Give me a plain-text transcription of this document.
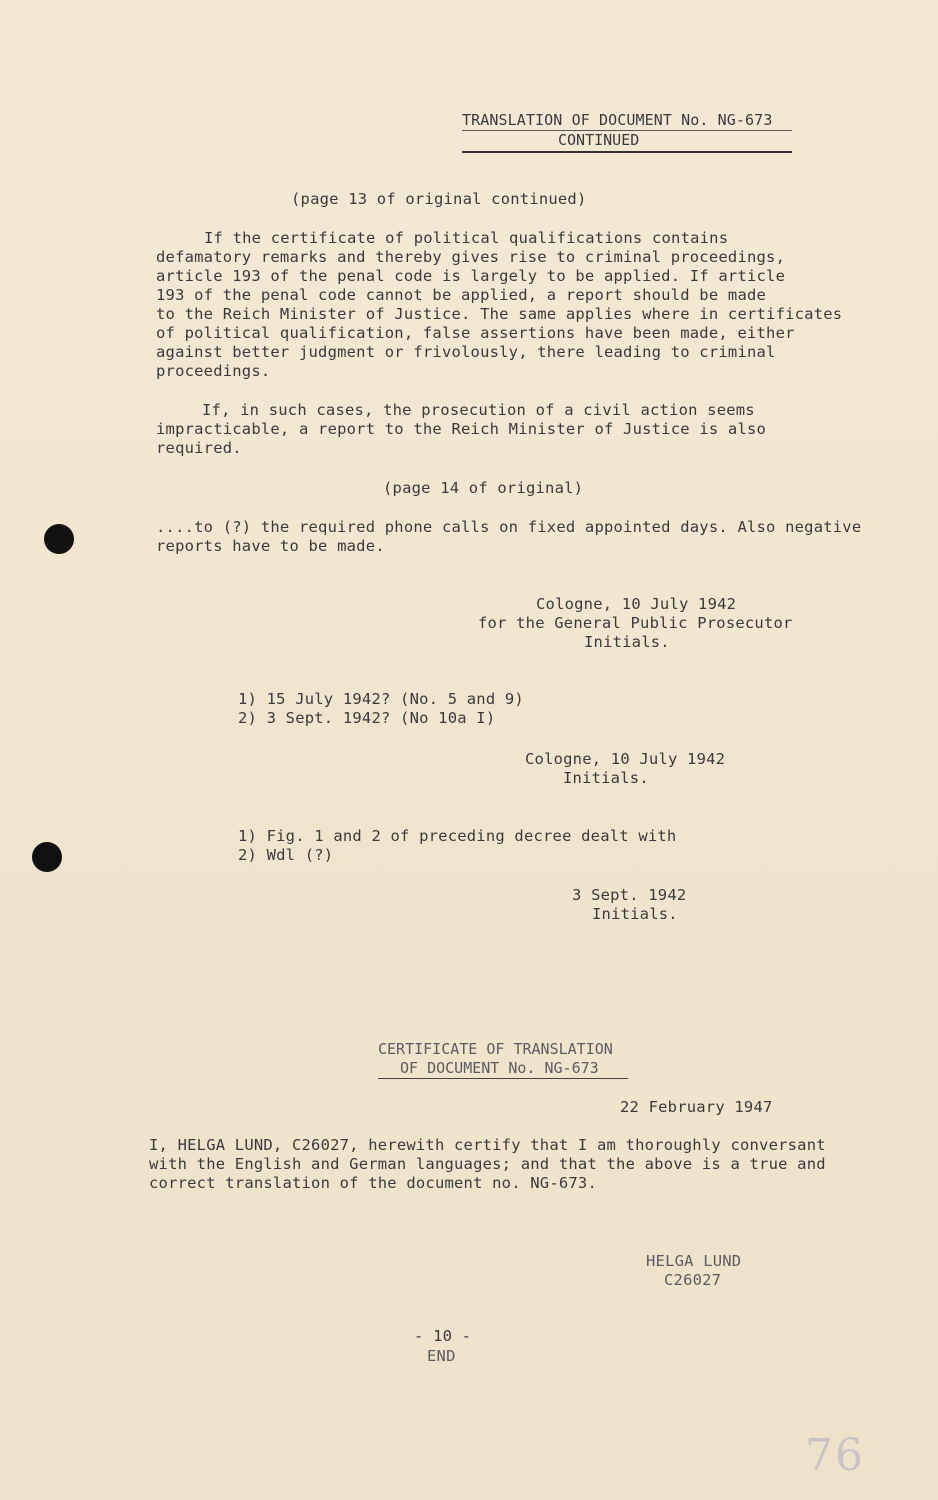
TRANSLATION OF DOCUMENT No. NG-673
CONTINUED
(page 13 of original continued)
If the certificate of political qualifications contains
defamatory remarks and thereby gives rise to criminal proceedings,
article 193 of the penal code is largely to be applied. If article
193 of the penal code cannot be applied, a report should be made
to the Reich Minister of Justice. The same applies where in certificates
of political qualification, false assertions have been made, either
against better judgment or frivolously, there leading to criminal
proceedings.
If, in such cases, the prosecution of a civil action seems
impracticable, a report to the Reich Minister of Justice is also
required.
(page 14 of original)
....to (?) the required phone calls on fixed appointed days. Also negative
reports have to be made.
Cologne, 10 July 1942
for the General Public Prosecutor
Initials.
1) 15 July 1942? (No. 5 and 9)
2) 3 Sept. 1942? (No 10a I)
Cologne, 10 July 1942
Initials.
1) Fig. 1 and 2 of preceding decree dealt with
2) Wdl (?)
3 Sept. 1942
Initials.
CERTIFICATE OF TRANSLATION
OF DOCUMENT No. NG-673
22 February 1947
I, HELGA LUND, C26027, herewith certify that I am thoroughly conversant
with the English and German languages; and that the above is a true and
correct translation of the document no. NG-673.
HELGA LUND
C26027
- 10 -
END
76
